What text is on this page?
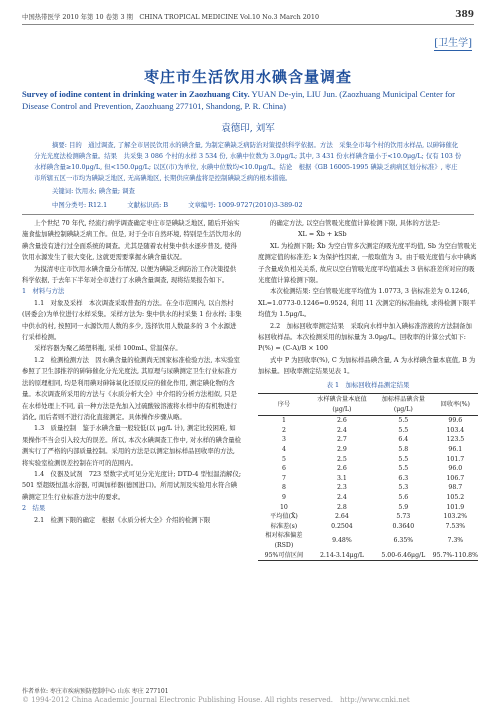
中国热带医学 2010 年第 10 卷第 3 期　CHINA TROPICAL MEDICINE Vol.10 No.3 March 2010	389
[卫生学]
枣庄市生活饮用水碘含量调查
Survey of iodine content in drinking water in Zaozhuang City. YUAN De-yin, LIU Jun. (Zaozhuang Municipal Center for Disease Control and Prevention, Zaozhuang 277101, Shandong, P. R. China)
袁德印, 刘军
摘要: 目的　通过调查, 了解全市居民饮用水的碘含量, 为制定碘缺乏病防治对策提供科学依据。方法　采集全市每个村的饮用水样品, 以砷铈催化分光光度法检测碘含量。结果　共采集 3 086 个村的水样 3 534 份, 水碘中位数为 3.0μg/L; 其中, 3 431 份水样碘含量小于<10.0μg/L; 仅有 103 份水样碘含量≥10.0μg/L, 但<150.0μg/L; 以区(市)为单位, 水碘中位数均<10.0μg/L。结论　根据《GB 16005-1995 碘缺乏病病区划分标准》, 枣庄市所辖五区一市均为碘缺乏地区, 无高碘地区, 长期供应碘盐将是控制碘缺乏病的根本措施。
关键词: 饮用水; 碘含量; 调查
中图分类号: R12.1	文献标识码: B	文章编号: 1009-9727(2010)3-389-02

上个世纪 70 年代, 经流行病学调查确定枣庄市是碘缺乏地区, 随后开始实施食盐加碘控制碘缺乏病工作。但是, 对于全市自然环境, 特别是生活饮用水的碘含量没有进行过全面系统的调查。尤其是随着农村集中供水逐步普及, 使得饮用水源发生了很大变化, 这就更需要掌握水碘含量状况。

为摸清枣庄市饮用水碘含量分布情况, 以便为碘缺乏病防治工作决策提供科学依据, 于去年下半年对全市进行了水碘含量调查, 现将结果报告如下。

1　材料与方法

1.1　对象及采样　本次调查采取普查的方法。在全市范围内, 以自然村(居委会)为单位进行水样采集。采样方法为: 集中供水的村采集 1 份水样; 非集中供水的村, 按照同一水源饮用人数的多少, 选择饮用人数最多的 3 个水源进行采样检测。

采样容器为聚乙烯塑料瓶, 采样 100mL, 常温保存。

1.2　检测检测方法　因水碘含量的检测尚无国家标准检验方法, 本实验室参照了卫生部推荐的砷铈催化分光光度法, 其原理与尿碘测定卫生行业标准方法的原理相同, 均是利用碘对砷铈氧化还原反应的催化作用, 测定碘化物的含量。本次调查所采用的方法与《水质分析大全》中介绍的分析方法相似, 只是在水样处理上不同, 前一种方法是先加入过硫酸铵溶液将水样中的有机物进行消化, 而后者则不进行消化直接测定。具体操作步骤从略。

1.3　质量控制　鉴于水碘含量一般较低(以 μg/L 计), 测定比较困难, 如果操作不当会引入较大的误差。所以, 本次水碘调查工作中, 对水样的碘含量检测实行了严格的内部质量控制。采用的方法是以测定加标样品回收率的方法, 将实验室检测误差控制在许可的范围内。

1.4　仪器及试剂　723 型数字式可见分光光度计; DTD-4 型恒温消解仪; 501 型超级恒温水浴器, 可调加样器(德国进口)。所用试剂及实验用水符合碘碘测定卫生行业标准方法中的要求。

2　结果

2.1　检测下限的确定　根据《水质分析大全》介绍的检测下限

的确定方法, 以空白管吸光度值计算检测下限, 具体的方法是:

XL = X̄b + kSb

XL 为检测下限; X̄b 为空白管多次测定的吸光度平均值, Sb 为空白管吸光度测定值的标准差; k 为保护性因素, 一般取值为 3。由于吸光度值与水中碘离子含量成负相关关系, 故应以空白管吸光度平均值减去 3 倍标准差所对应的吸光度值计算检测下限。

本次检测结果: 空白管吸光度平均值为 1.0773, 3 倍标准差为 0.1246, XL=1.0773-0.1246=0.9524, 利用 11 次测定的标准曲线, 求得检测下限平均值为 1.5μg/L。

2.2　加标回收率测定结果　采取向水样中加入碘标准溶液的方法制备加标回收样品。本次检测采用的加标量为 3.0μg/L。回收率的计算公式如下: P(%) = (C-A)/B × 100

式中 P 为回收率(%), C 为加标样品碘含量, A 为水样碘含量本底值, B 为加标量。回收率测定结果见表 1。

表 1　加标回收样品测定结果
序号	水样碘含量本底值(μg/L)	加标样品碘含量(μg/L)	回收率(%)
1	2.6	5.5	99.6
2	2.4	5.5	103.4
3	2.7	6.4	123.5
4	2.9	5.8	96.1
5	2.5	5.5	101.7
6	2.6	5.5	96.0
7	3.1	6.3	106.7
8	2.3	5.3	98.7
9	2.4	5.6	105.2
10	2.8	5.9	101.9
平均值(X̄)	2.64	5.73	103.2%
标准差(s)	0.2504	0.3640	7.53%
相对标准偏差(RSD)	9.48%	6.35%	7.3%
95%可信区间	2.14-3.14μg/L	5.00-6.46μg/L	95.7%-110.8%
作者单位: 枣庄市疾病预防控制中心 山东 枣庄 277101
© 1994-2012 China Academic Journal Electronic Publishing House. All rights reserved.　http://www.cnki.net
